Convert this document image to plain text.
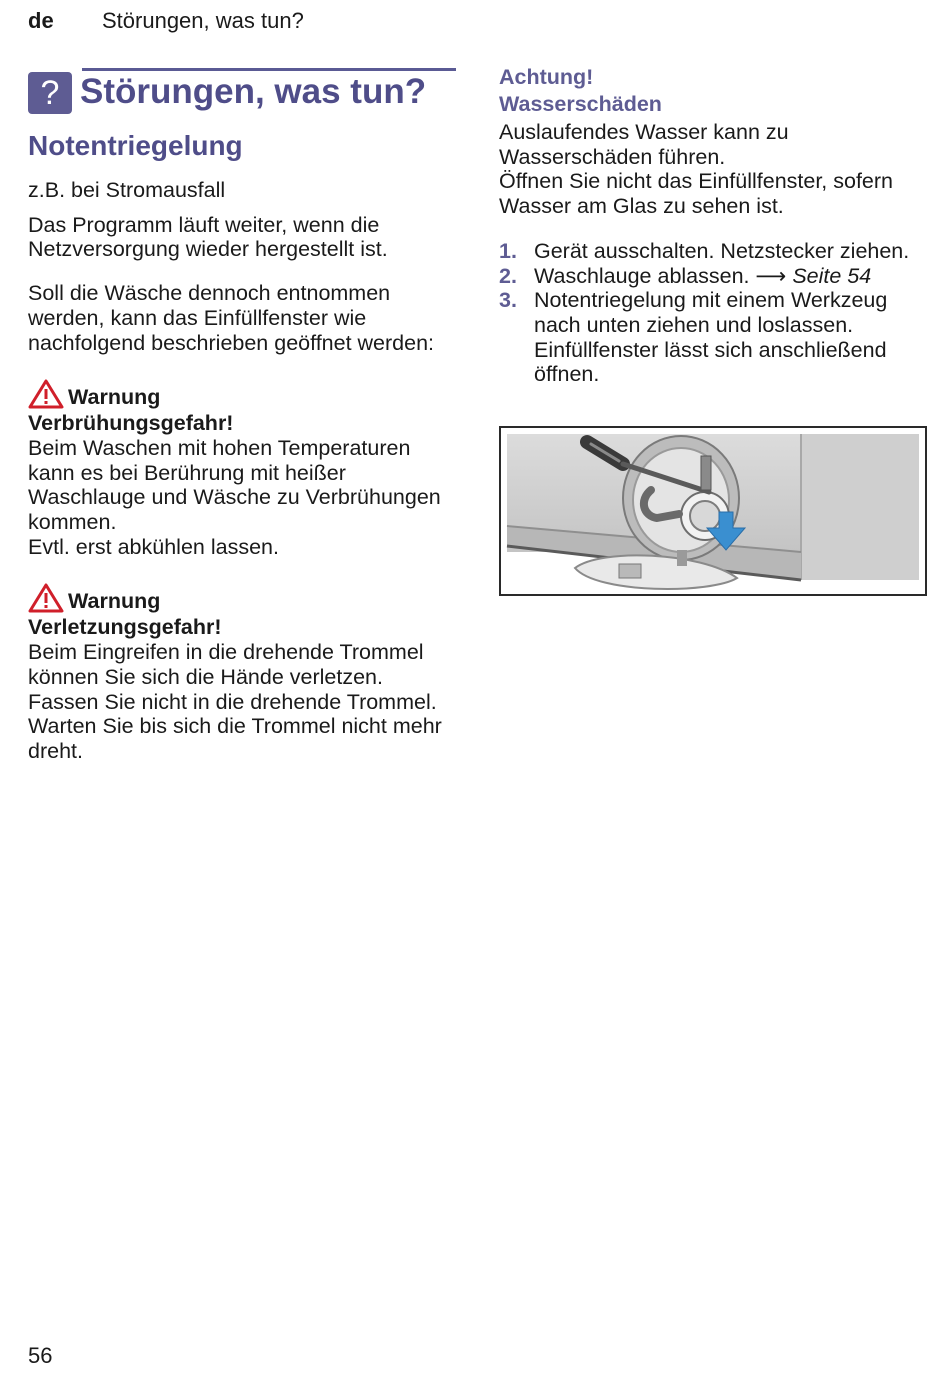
de Störungen, was tun?
? Störungen, was tun?
Notentriegelung

z.B. bei Stromausfall

Das Programm läuft weiter, wenn die Netzversorgung wieder hergestellt ist.

Soll die Wäsche dennoch entnommen werden, kann das Einfüllfenster wie nachfolgend beschrieben geöffnet werden:

Warnung
Verbrühungsgefahr!
Beim Waschen mit hohen Temperaturen kann es bei Berührung mit heißer Waschlauge und Wäsche zu Verbrühungen kommen.
Evtl. erst abkühlen lassen.
Warnung
Verletzungsgefahr!
Beim Eingreifen in die drehende Trommel können Sie sich die Hände verletzen.
Fassen Sie nicht in die drehende Trommel.
Warten Sie bis sich die Trommel nicht mehr dreht.
Achtung!
Wasserschäden
Auslaufendes Wasser kann zu Wasserschäden führen.
Öffnen Sie nicht das Einfüllfenster, sofern Wasser am Glas zu sehen ist.
1. Gerät ausschalten. Netzstecker ziehen.
2. Waschlauge ablassen. ⟶ Seite 54
3. Notentriegelung mit einem Werkzeug nach unten ziehen und loslassen. Einfüllfenster lässt sich anschließend öffnen.
56
